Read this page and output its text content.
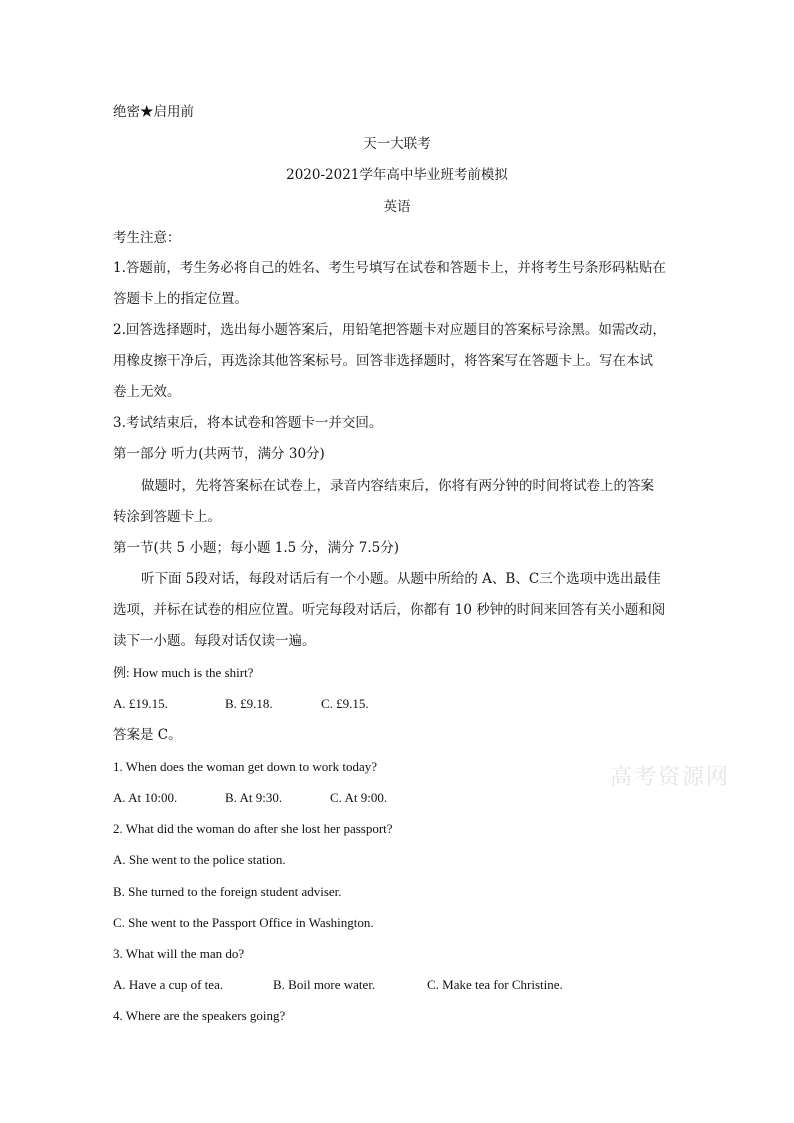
绝密★启用前
天一大联考
2020-2021学年高中毕业班考前模拟
英语
考生注意：
1.答题前，考生务必将自己的姓名、考生号填写在试卷和答题卡上，并将考生号条形码粘贴在
答题卡上的指定位置。
2.回答选择题时，选出每小题答案后，用铅笔把答题卡对应题目的答案标号涂黑。如需改动，
用橡皮擦干净后，再选涂其他答案标号。回答非选择题时，将答案写在答题卡上。写在本试
卷上无效。
3.考试结束后，将本试卷和答题卡一并交回。
第一部分 听力(共两节，满分 30分)
做题时，先将答案标在试卷上，录音内容结束后，你将有两分钟的时间将试卷上的答案
转涂到答题卡上。
第一节(共 5 小题；每小题 1.5 分，满分 7.5分)
听下面 5段对话，每段对话后有一个小题。从题中所给的 A、B、C三个选项中选出最佳
选项，并标在试卷的相应位置。听完每段对话后，你都有 10 秒钟的时间来回答有关小题和阅
读下一小题。每段对话仅读一遍。
例: How much is the shirt?
A. £19.15.	B. £9.18.	C. £9.15.
答案是 C。
1. When does the woman get down to work today?
A. At 10:00.	B. At 9:30.	C. At 9:00.
2. What did the woman do after she lost her passport?
A. She went to the police station.
B. She turned to the foreign student adviser.
C. She went to the Passport Office in Washington.
3. What will the man do?
A. Have a cup of tea.	B. Boil more water.	C. Make tea for Christine.
4. Where are the speakers going?
高考资源网
